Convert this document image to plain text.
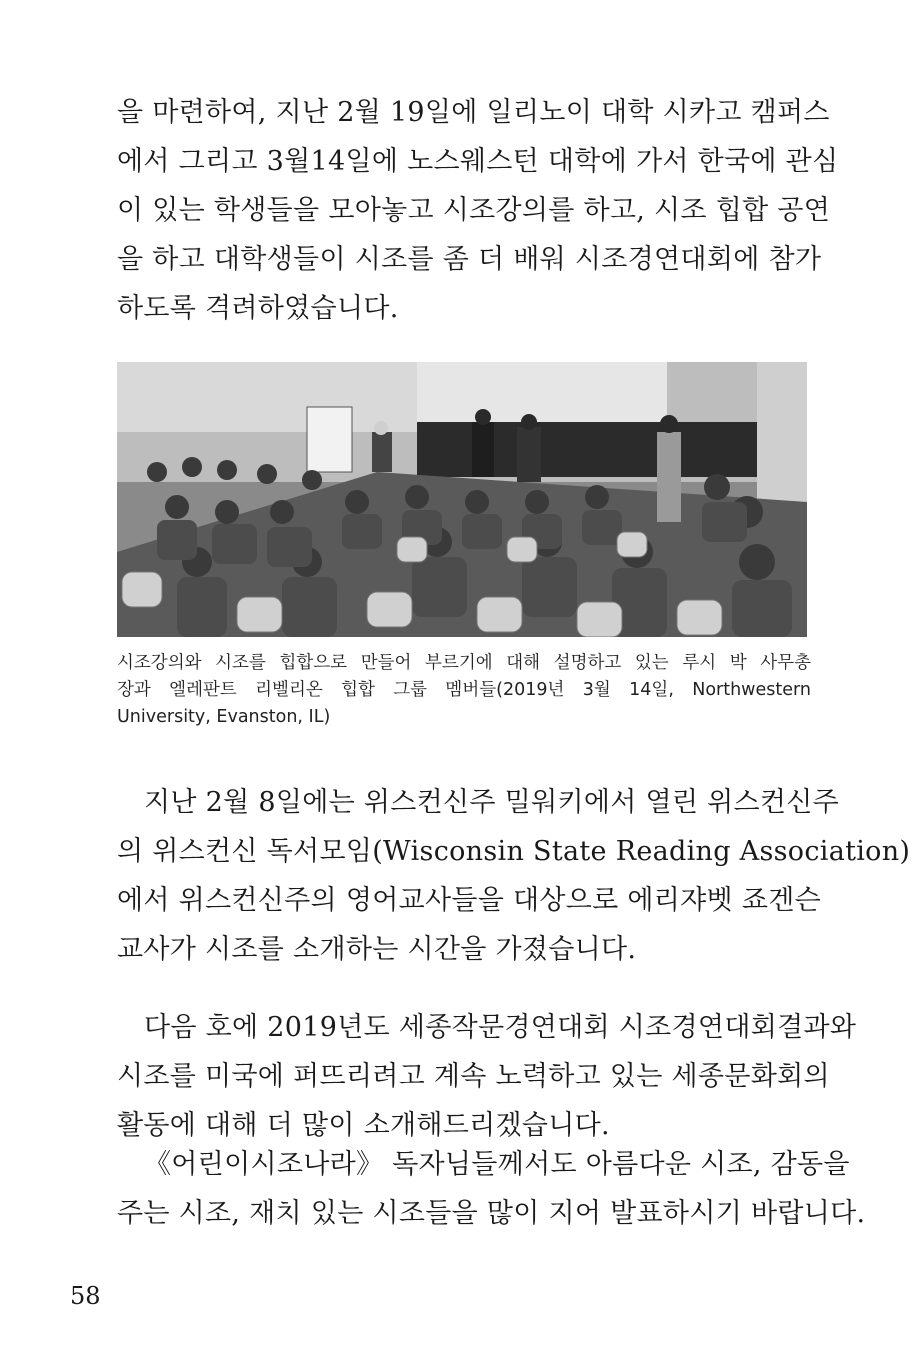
을 마련하여, 지난 2월 19일에 일리노이 대학 시카고 캠퍼스
에서 그리고 3월14일에 노스웨스턴 대학에 가서 한국에 관심
이 있는 학생들을 모아놓고 시조강의를 하고, 시조 힙합 공연
을 하고 대학생들이 시조를 좀 더 배워 시조경연대회에 참가
하도록 격려하였습니다.
시조강의와 시조를 힙합으로 만들어 부르기에 대해 설명하고 있는 루시 박 사무총
장과 엘레판트 리벨리온 힙합 그룹 멤버들(2019년 3월 14일, Northwestern
University, Evanston, IL)
지난 2월 8일에는 위스컨신주 밀워키에서 열린 위스컨신주
의 위스컨신 독서모임(Wisconsin State Reading Association)
에서 위스컨신주의 영어교사들을 대상으로 에리쟈벳 죠겐슨
교사가 시조를 소개하는 시간을 가졌습니다.
다음 호에 2019년도 세종작문경연대회 시조경연대회결과와
시조를 미국에 퍼뜨리려고 계속 노력하고 있는 세종문화회의
활동에 대해 더 많이 소개해드리겠습니다.
《어린이시조나라》 독자님들께서도 아름다운 시조, 감동을
주는 시조, 재치 있는 시조들을 많이 지어 발표하시기 바랍니다.
58
